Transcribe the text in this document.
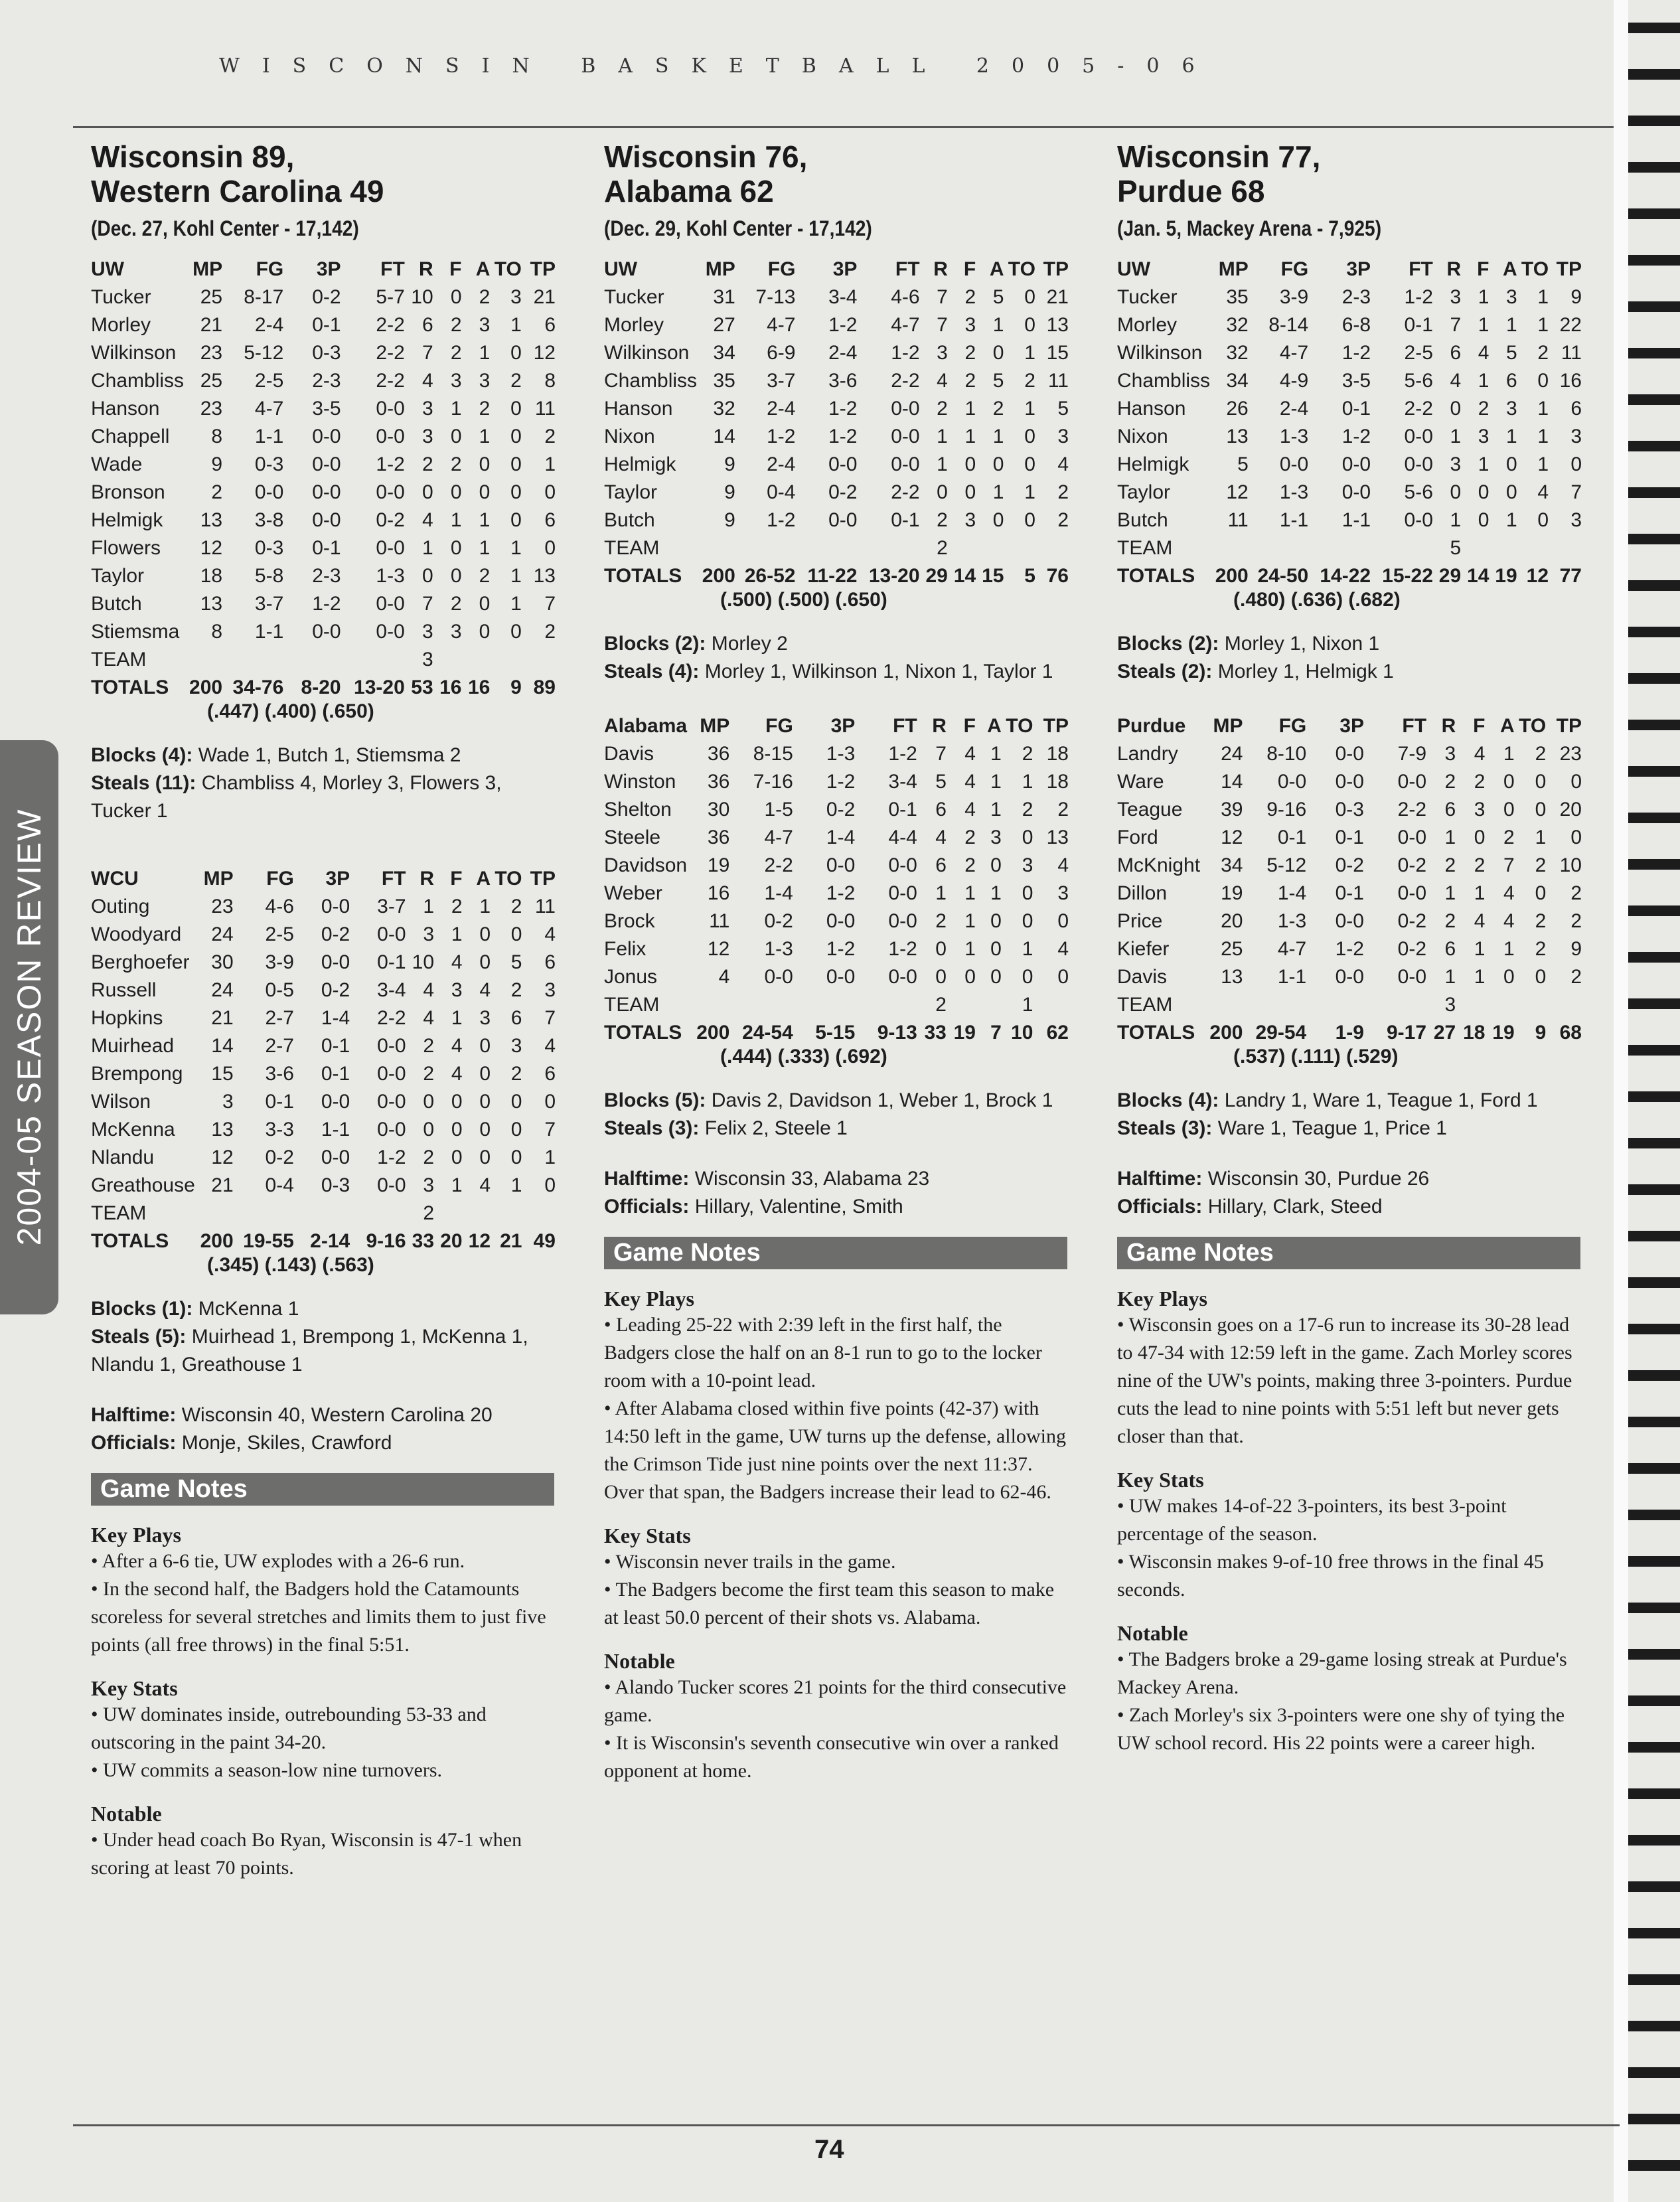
WISCONSIN BASKETBALL 2005-06
2004-05 SEASON REVIEW
Wisconsin 89,
Western Carolina 49
(Dec. 27, Kohl Center - 17,142)
UW	MP	FG	3P	FT	R	F	A	TO	TP
Tucker	25	8-17	0-2	5-7	10	0	2	3	21
Morley	21	2-4	0-1	2-2	6	2	3	1	6
Wilkinson	23	5-12	0-3	2-2	7	2	1	0	12
Chambliss	25	2-5	2-3	2-2	4	3	3	2	8
Hanson	23	4-7	3-5	0-0	3	1	2	0	11
Chappell	8	1-1	0-0	0-0	3	0	1	0	2
Wade	9	0-3	0-0	1-2	2	2	0	0	1
Bronson	2	0-0	0-0	0-0	0	0	0	0	0
Helmigk	13	3-8	0-0	0-2	4	1	1	0	6
Flowers	12	0-3	0-1	0-0	1	0	1	1	0
Taylor	18	5-8	2-3	1-3	0	0	2	1	13
Butch	13	3-7	1-2	0-0	7	2	0	1	7
Stiemsma	8	1-1	0-0	0-0	3	3	0	0	2
TEAM					3				
TOTALS	200	34-76	8-20	13-20	53	16	16	9	89
(.447) (.400) (.650)
Blocks (4): Wade 1, Butch 1, Stiemsma 2
Steals (11): Chambliss 4, Morley 3, Flowers 3, Tucker 1
WCU	MP	FG	3P	FT	R	F	A	TO	TP
Outing	23	4-6	0-0	3-7	1	2	1	2	11
Woodyard	24	2-5	0-2	0-0	3	1	0	0	4
Berghoefer	30	3-9	0-0	0-1	10	4	0	5	6
Russell	24	0-5	0-2	3-4	4	3	4	2	3
Hopkins	21	2-7	1-4	2-2	4	1	3	6	7
Muirhead	14	2-7	0-1	0-0	2	4	0	3	4
Brempong	15	3-6	0-1	0-0	2	4	0	2	6
Wilson	3	0-1	0-0	0-0	0	0	0	0	0
McKenna	13	3-3	1-1	0-0	0	0	0	0	7
Nlandu	12	0-2	0-0	1-2	2	0	0	0	1
Greathouse	21	0-4	0-3	0-0	3	1	4	1	0
TEAM					2				
TOTALS	200	19-55	2-14	9-16	33	20	12	21	49
(.345) (.143) (.563)
Blocks (1): McKenna 1
Steals (5): Muirhead 1, Brempong 1, McKenna 1, Nlandu 1, Greathouse 1
Halftime: Wisconsin 40, Western Carolina 20
Officials: Monje, Skiles, Crawford
Game Notes
Key Plays
• After a 6-6 tie, UW explodes with a 26-6 run.
• In the second half, the Badgers hold the Catamounts scoreless for several stretches and limits them to just five points (all free throws) in the final 5:51.
Key Stats
• UW dominates inside, outrebounding 53-33 and outscoring in the paint 34-20.
• UW commits a season-low nine turnovers.
Notable
• Under head coach Bo Ryan, Wisconsin is 47-1 when scoring at least 70 points.
Wisconsin 76,
Alabama 62
(Dec. 29, Kohl Center - 17,142)
UW	MP	FG	3P	FT	R	F	A	TO	TP
Tucker	31	7-13	3-4	4-6	7	2	5	0	21
Morley	27	4-7	1-2	4-7	7	3	1	0	13
Wilkinson	34	6-9	2-4	1-2	3	2	0	1	15
Chambliss	35	3-7	3-6	2-2	4	2	5	2	11
Hanson	32	2-4	1-2	0-0	2	1	2	1	5
Nixon	14	1-2	1-2	0-0	1	1	1	0	3
Helmigk	9	2-4	0-0	0-0	1	0	0	0	4
Taylor	9	0-4	0-2	2-2	0	0	1	1	2
Butch	9	1-2	0-0	0-1	2	3	0	0	2
TEAM					2				
TOTALS	200	26-52	11-22	13-20	29	14	15	5	76
(.500) (.500) (.650)
Blocks (2): Morley 2
Steals (4): Morley 1, Wilkinson 1, Nixon 1, Taylor 1
Alabama	MP	FG	3P	FT	R	F	A	TO	TP
Davis	36	8-15	1-3	1-2	7	4	1	2	18
Winston	36	7-16	1-2	3-4	5	4	1	1	18
Shelton	30	1-5	0-2	0-1	6	4	1	2	2
Steele	36	4-7	1-4	4-4	4	2	3	0	13
Davidson	19	2-2	0-0	0-0	6	2	0	3	4
Weber	16	1-4	1-2	0-0	1	1	1	0	3
Brock	11	0-2	0-0	0-0	2	1	0	0	0
Felix	12	1-3	1-2	1-2	0	1	0	1	4
Jonus	4	0-0	0-0	0-0	0	0	0	0	0
TEAM					2			1	
TOTALS	200	24-54	5-15	9-13	33	19	7	10	62
(.444) (.333) (.692)
Blocks (5): Davis 2, Davidson 1, Weber 1, Brock 1
Steals (3): Felix 2, Steele 1
Halftime: Wisconsin 33, Alabama 23
Officials: Hillary, Valentine, Smith
Game Notes
Key Plays
• Leading 25-22 with 2:39 left in the first half, the Badgers close the half on an 8-1 run to go to the locker room with a 10-point lead.
• After Alabama closed within five points (42-37) with 14:50 left in the game, UW turns up the defense, allowing the Crimson Tide just nine points over the next 11:37. Over that span, the Badgers increase their lead to 62-46.
Key Stats
• Wisconsin never trails in the game.
• The Badgers become the first team this season to make at least 50.0 percent of their shots vs. Alabama.
Notable
• Alando Tucker scores 21 points for the third consecutive game.
• It is Wisconsin's seventh consecutive win over a ranked opponent at home.
Wisconsin 77,
Purdue 68
(Jan. 5, Mackey Arena - 7,925)
UW	MP	FG	3P	FT	R	F	A	TO	TP
Tucker	35	3-9	2-3	1-2	3	1	3	1	9
Morley	32	8-14	6-8	0-1	7	1	1	1	22
Wilkinson	32	4-7	1-2	2-5	6	4	5	2	11
Chambliss	34	4-9	3-5	5-6	4	1	6	0	16
Hanson	26	2-4	0-1	2-2	0	2	3	1	6
Nixon	13	1-3	1-2	0-0	1	3	1	1	3
Helmigk	5	0-0	0-0	0-0	3	1	0	1	0
Taylor	12	1-3	0-0	5-6	0	0	0	4	7
Butch	11	1-1	1-1	0-0	1	0	1	0	3
TEAM					5				
TOTALS	200	24-50	14-22	15-22	29	14	19	12	77
(.480) (.636) (.682)
Blocks (2): Morley 1, Nixon 1
Steals (2): Morley 1, Helmigk 1
Purdue	MP	FG	3P	FT	R	F	A	TO	TP
Landry	24	8-10	0-0	7-9	3	4	1	2	23
Ware	14	0-0	0-0	0-0	2	2	0	0	0
Teague	39	9-16	0-3	2-2	6	3	0	0	20
Ford	12	0-1	0-1	0-0	1	0	2	1	0
McKnight	34	5-12	0-2	0-2	2	2	7	2	10
Dillon	19	1-4	0-1	0-0	1	1	4	0	2
Price	20	1-3	0-0	0-2	2	4	4	2	2
Kiefer	25	4-7	1-2	0-2	6	1	1	2	9
Davis	13	1-1	0-0	0-0	1	1	0	0	2
TEAM					3				
TOTALS	200	29-54	1-9	9-17	27	18	19	9	68
(.537) (.111) (.529)
Blocks (4): Landry 1, Ware 1, Teague 1, Ford 1
Steals (3): Ware 1, Teague 1, Price 1
Halftime: Wisconsin 30, Purdue 26
Officials: Hillary, Clark, Steed
Game Notes
Key Plays
• Wisconsin goes on a 17-6 run to increase its 30-28 lead to 47-34 with 12:59 left in the game. Zach Morley scores nine of the UW's points, making three 3-pointers. Purdue cuts the lead to nine points with 5:51 left but never gets closer than that.
Key Stats
• UW makes 14-of-22 3-pointers, its best 3-point percentage of the season.
• Wisconsin makes 9-of-10 free throws in the final 45 seconds.
Notable
• The Badgers broke a 29-game losing streak at Purdue's Mackey Arena.
• Zach Morley's six 3-pointers were one shy of tying the UW school record. His 22 points were a career high.
74
